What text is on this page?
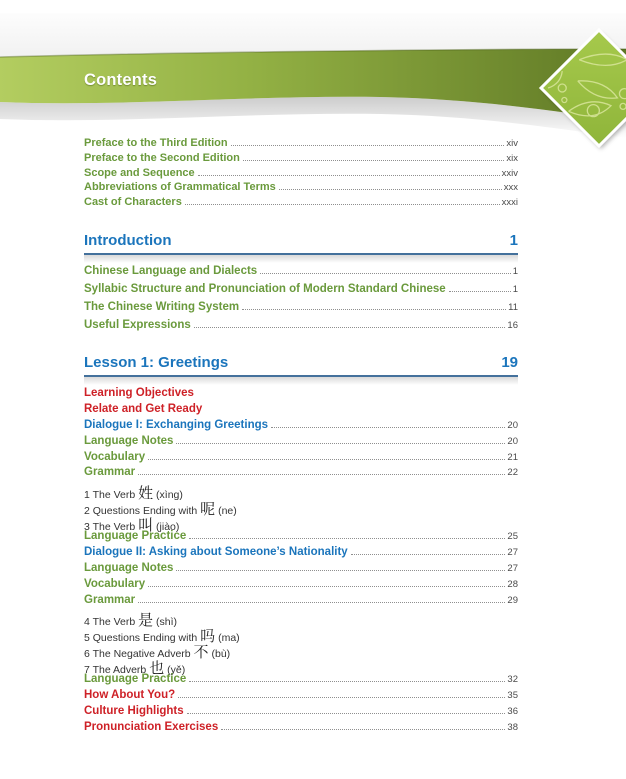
Contents
Preface to the Third Edition	xiv
Preface to the Second Edition	xix
Scope and Sequence	xxiv
Abbreviations of Grammatical Terms	xxx
Cast of Characters	xxxi
Introduction	1
Chinese Language and Dialects	1
Syllabic Structure and Pronunciation of Modern Standard Chinese	1
The Chinese Writing System	11
Useful Expressions	16
Lesson 1: Greetings	19
Learning Objectives
Relate and Get Ready
Dialogue I: Exchanging Greetings	20
Language Notes	20
Vocabulary	21
Grammar	22
1 The Verb 姓 (xìng)
2 Questions Ending with 呢 (ne)
3 The Verb 叫 (jiào)
Language Practice	25
Dialogue II: Asking about Someone’s Nationality	27
Language Notes	27
Vocabulary	28
Grammar	29
4 The Verb 是 (shì)
5 Questions Ending with 吗 (ma)
6 The Negative Adverb 不 (bù)
7 The Adverb 也 (yě)
Language Practice	32
How About You?	35
Culture Highlights	36
Pronunciation Exercises	38
